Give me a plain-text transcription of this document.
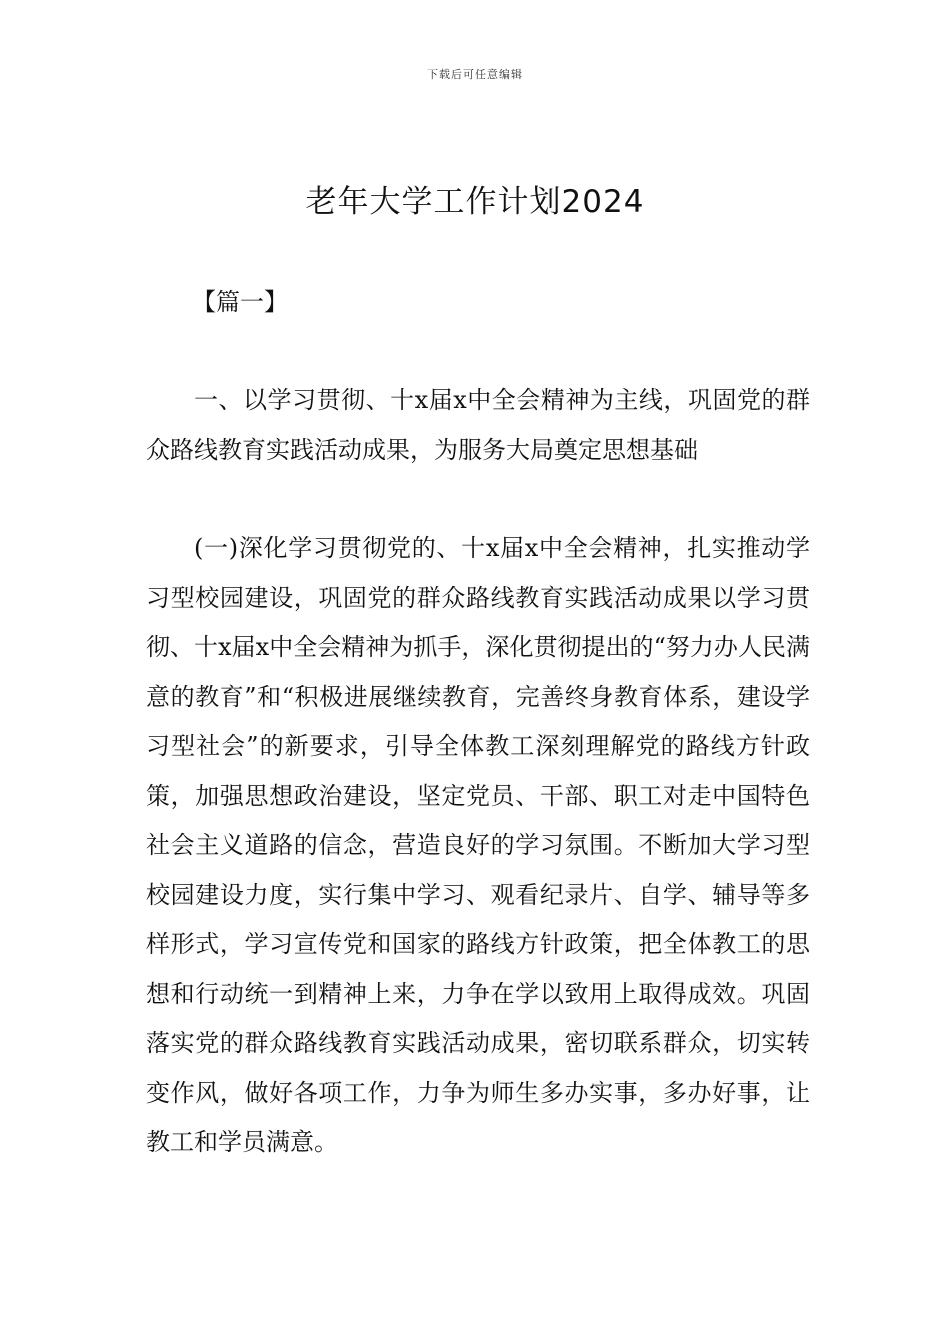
下载后可任意编辑
老年大学工作计划2024
【篇一】

一、以学习贯彻、十x届x中全会精神为主线，巩固党的群众路线教育实践活动成果，为服务大局奠定思想基础

(一)深化学习贯彻党的、十x届x中全会精神，扎实推动学习型校园建设，巩固党的群众路线教育实践活动成果以学习贯彻、十x届x中全会精神为抓手，深化贯彻提出的“努力办人民满意的教育”和“积极进展继续教育，完善终身教育体系，建设学习型社会”的新要求，引导全体教工深刻理解党的路线方针政策，加强思想政治建设，坚定党员、干部、职工对走中国特色社会主义道路的信念，营造良好的学习氛围。不断加大学习型校园建设力度，实行集中学习、观看纪录片、自学、辅导等多样形式，学习宣传党和国家的路线方针政策，把全体教工的思想和行动统一到精神上来，力争在学以致用上取得成效。巩固落实党的群众路线教育实践活动成果，密切联系群众，切实转变作风，做好各项工作，力争为师生多办实事，多办好事，让教工和学员满意。
